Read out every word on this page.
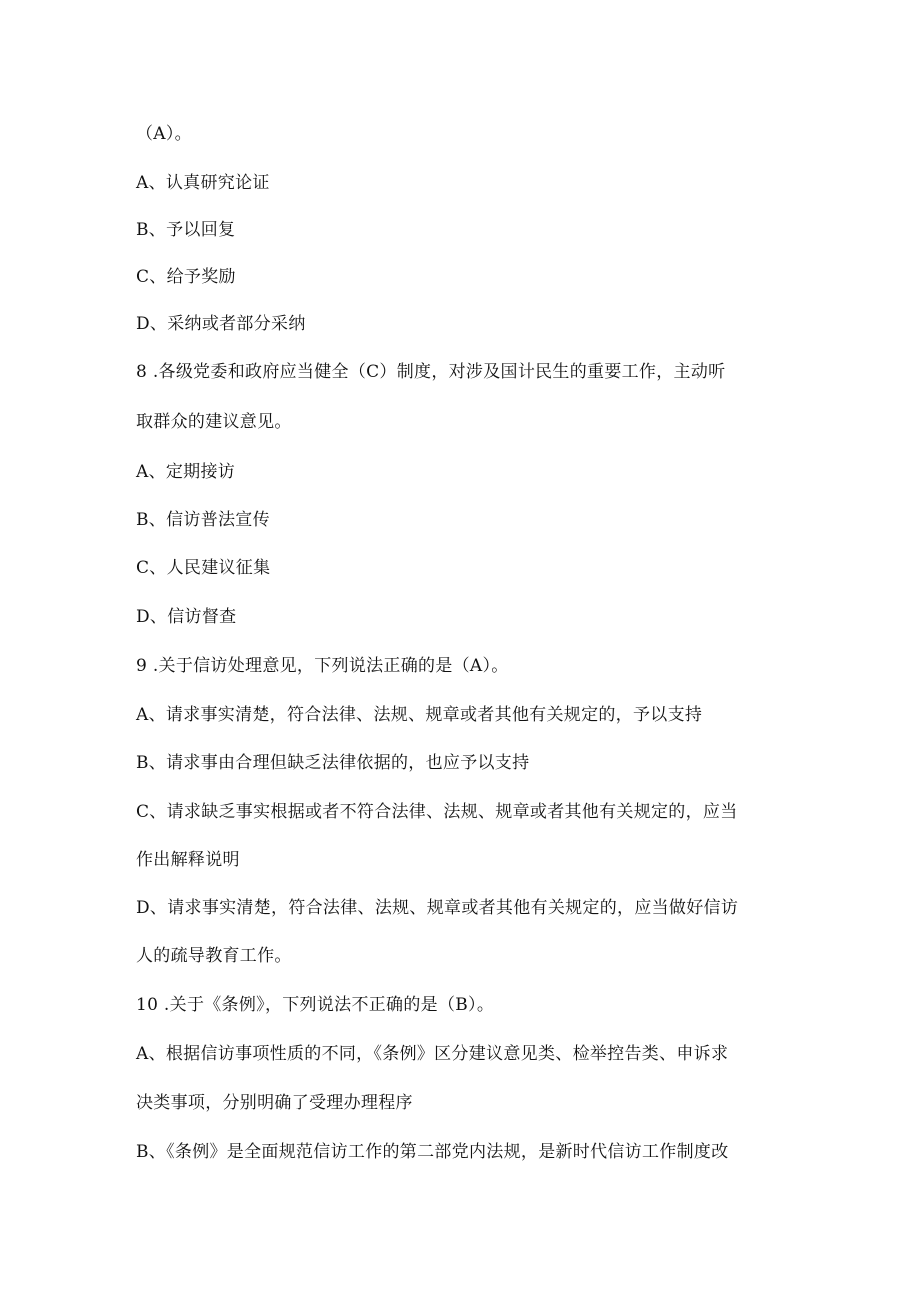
（A）。
A、认真研究论证
B、予以回复
C、给予奖励
D、采纳或者部分采纳
8 .各级党委和政府应当健全（C）制度，对涉及国计民生的重要工作，主动听
取群众的建议意见。
A、定期接访
B、信访普法宣传
C、人民建议征集
D、信访督查
9 .关于信访处理意见，下列说法正确的是（A）。
A、请求事实清楚，符合法律、法规、规章或者其他有关规定的，予以支持
B、请求事由合理但缺乏法律依据的，也应予以支持
C、请求缺乏事实根据或者不符合法律、法规、规章或者其他有关规定的，应当
作出解释说明
D、请求事实清楚，符合法律、法规、规章或者其他有关规定的，应当做好信访
人的疏导教育工作。
10 .关于《条例》，下列说法不正确的是（B）。
A、根据信访事项性质的不同，《条例》区分建议意见类、检举控告类、申诉求
决类事项，分别明确了受理办理程序
B、《条例》是全面规范信访工作的第二部党内法规，是新时代信访工作制度改
